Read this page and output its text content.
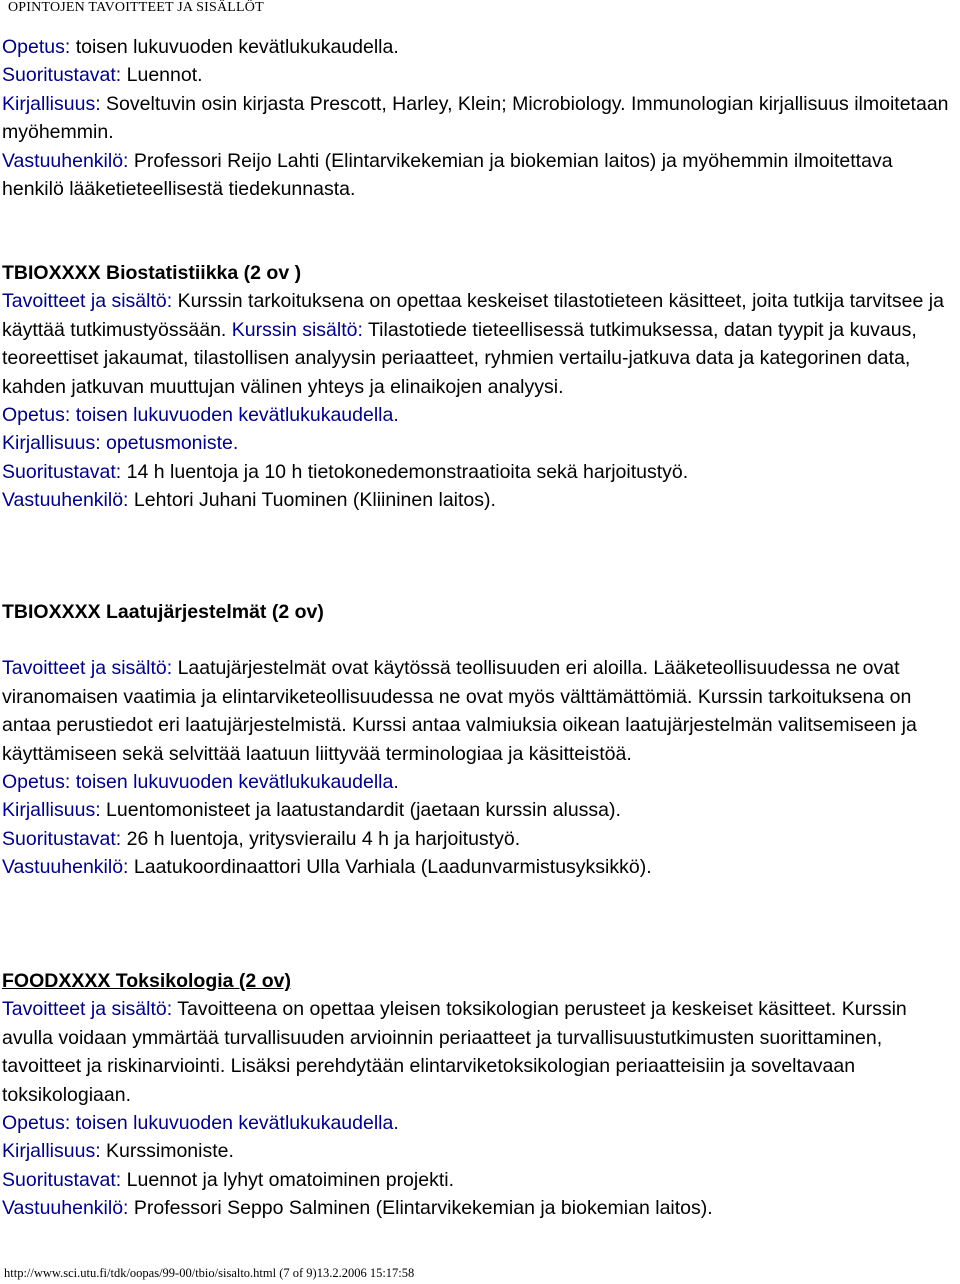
OPINTOJEN TAVOITTEET JA SISÄLLÖT

Opetus: toisen lukuvuoden kevätlukukaudella.

Suoritustavat: Luennot.

Kirjallisuus: Soveltuvin osin kirjasta Prescott, Harley, Klein; Microbiology. Immunologian kirjallisuus ilmoitetaan myöhemmin.

Vastuuhenkilö: Professori Reijo Lahti (Elintarvikekemian ja biokemian laitos) ja myöhemmin ilmoitettava henkilö lääketieteellisestä tiedekunnasta.

TBIOXXXX Biostatistiikka (2 ov )

Tavoitteet ja sisältö: Kurssin tarkoituksena on opettaa keskeiset tilastotieteen käsitteet, joita tutkija tarvitsee ja käyttää tutkimustyössään. Kurssin sisältö: Tilastotiede tieteellisessä tutkimuksessa, datan tyypit ja kuvaus, teoreettiset jakaumat, tilastollisen analyysin periaatteet, ryhmien vertailu-jatkuva data ja kategorinen data, kahden jatkuvan muuttujan välinen yhteys ja elinaikojen analyysi.

Opetus: toisen lukuvuoden kevätlukukaudella.

Kirjallisuus: opetusmoniste.

Suoritustavat: 14 h luentoja ja 10 h tietokonedemonstraatioita sekä harjoitustyö.

Vastuuhenkilö: Lehtori Juhani Tuominen (Kliininen laitos).

TBIOXXXX Laatujärjestelmät (2 ov)

Tavoitteet ja sisältö: Laatujärjestelmät ovat käytössä teollisuuden eri aloilla. Lääketeollisuudessa ne ovat viranomaisen vaatimia ja elintarviketeollisuudessa ne ovat myös välttämättömiä. Kurssin tarkoituksena on antaa perustiedot eri laatujärjestelmistä. Kurssi antaa valmiuksia oikean laatujärjestelmän valitsemiseen ja käyttämiseen sekä selvittää laatuun liittyvää terminologiaa ja käsitteistöä.

Opetus: toisen lukuvuoden kevätlukukaudella.

Kirjallisuus: Luentomonisteet ja laatustandardit (jaetaan kurssin alussa).

Suoritustavat: 26 h luentoja, yritysvierailu 4 h ja harjoitustyö.

Vastuuhenkilö: Laatukoordinaattori Ulla Varhiala (Laadunvarmistusyksikkö).

FOODXXXX Toksikologia (2 ov)

Tavoitteet ja sisältö: Tavoitteena on opettaa yleisen toksikologian perusteet ja keskeiset käsitteet. Kurssin avulla voidaan ymmärtää turvallisuuden arvioinnin periaatteet ja turvallisuustutkimusten suorittaminen, tavoitteet ja riskinarviointi. Lisäksi perehdytään elintarviketoksikologian periaatteisiin ja soveltavaan toksikologiaan.

Opetus: toisen lukuvuoden kevätlukukaudella.

Kirjallisuus: Kurssimoniste.

Suoritustavat: Luennot ja lyhyt omatoiminen projekti.

Vastuuhenkilö: Professori Seppo Salminen (Elintarvikekemian ja biokemian laitos).

http://www.sci.utu.fi/tdk/oopas/99-00/tbio/sisalto.html (7 of 9)13.2.2006 15:17:58
